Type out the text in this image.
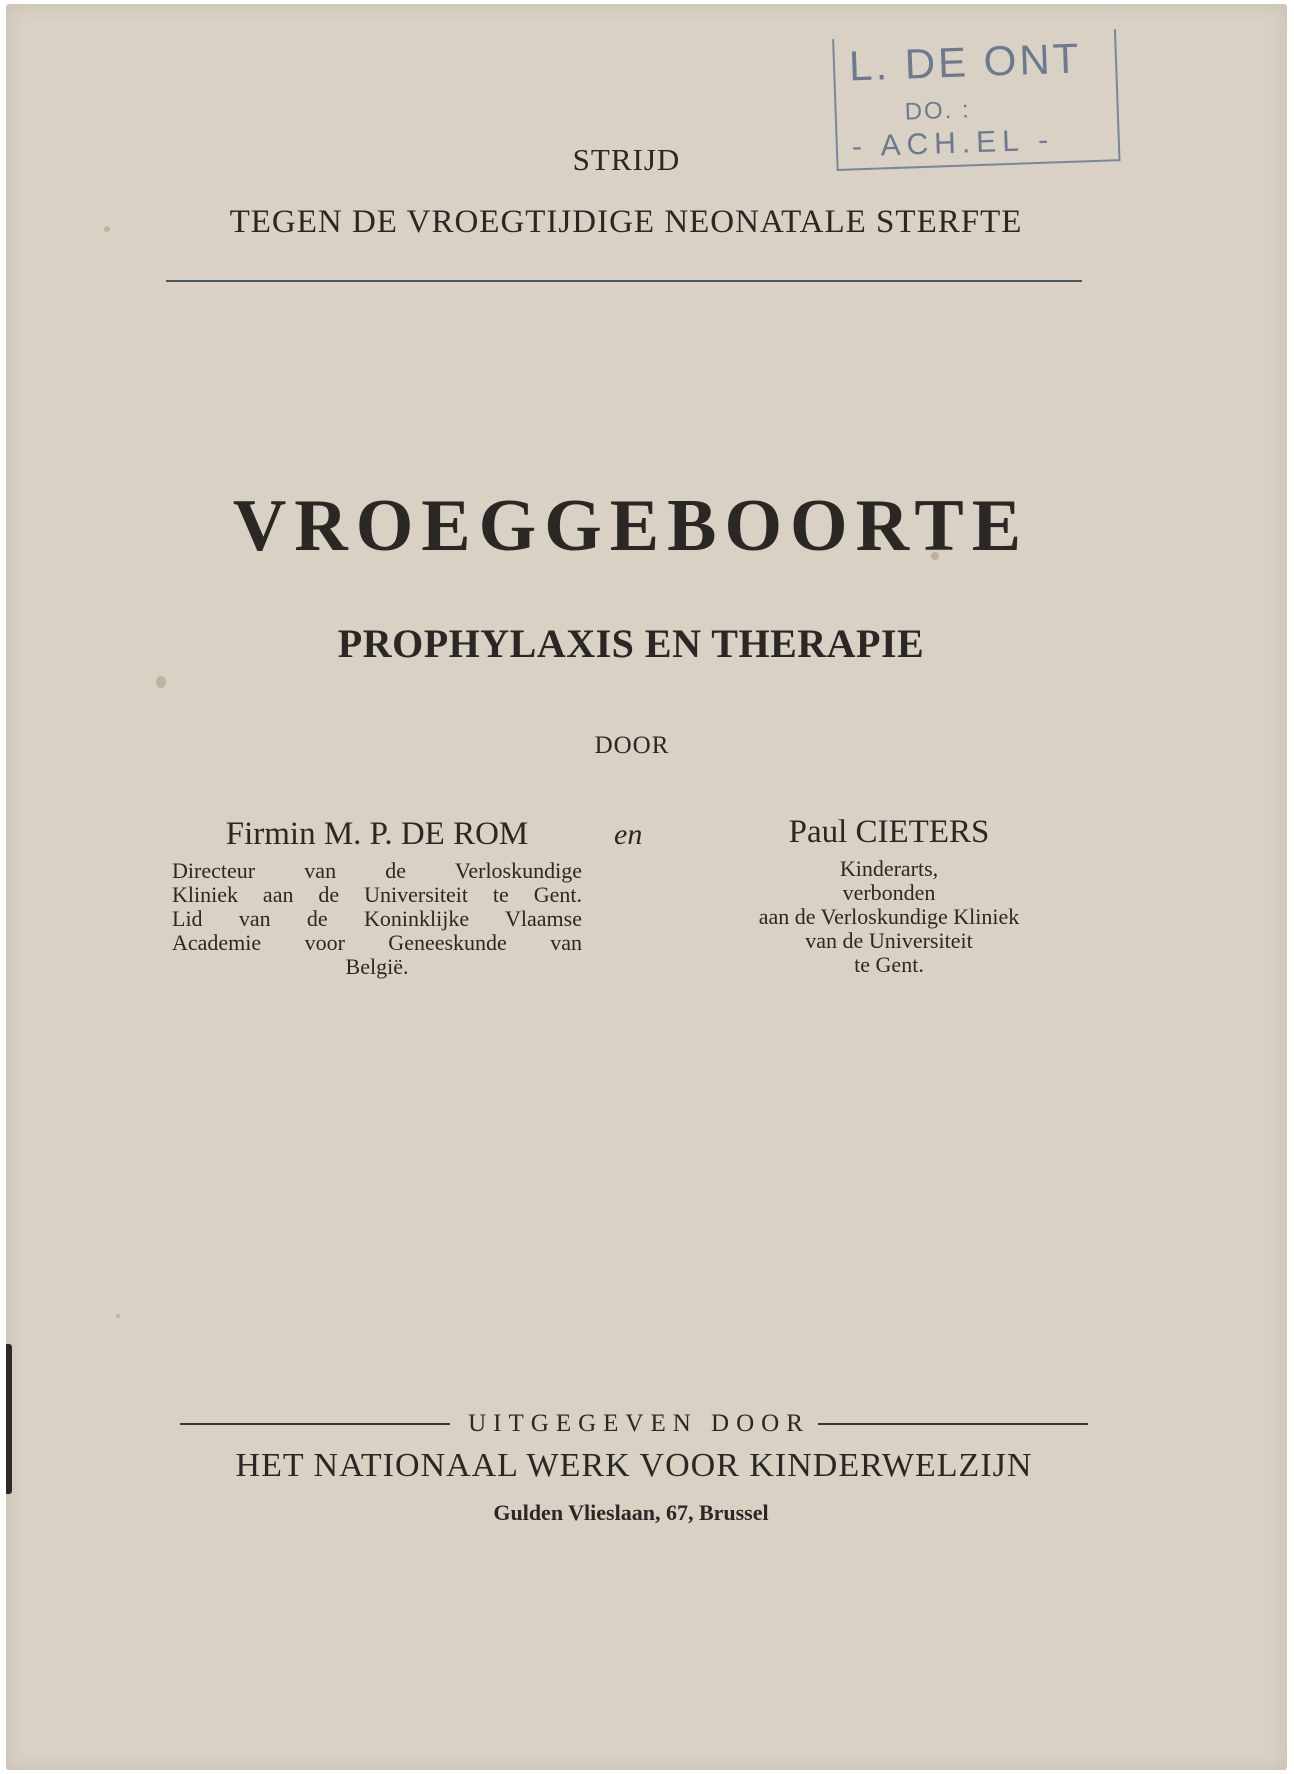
L. DE ONT
DO. :
- ACH.EL -

STRIJD

TEGEN DE VROEGTIJDIGE NEONATALE STERFTE

VROEGGEBOORTE
PROPHYLAXIS EN THERAPIE

DOOR

Firmin M. P. DE ROM
Directeur van de Verloskundige
Kliniek aan de Universiteit te Gent.
Lid van de Koninklijke Vlaamse
Academie voor Geneeskunde van
België.
en	Paul CIETERS
Kinderarts,
verbonden
aan de Verloskundige Kliniek
van de Universiteit
te Gent.
UITGEGEVEN DOOR

HET NATIONAAL WERK VOOR KINDERWELZIJN

Gulden Vlieslaan, 67, Brussel
